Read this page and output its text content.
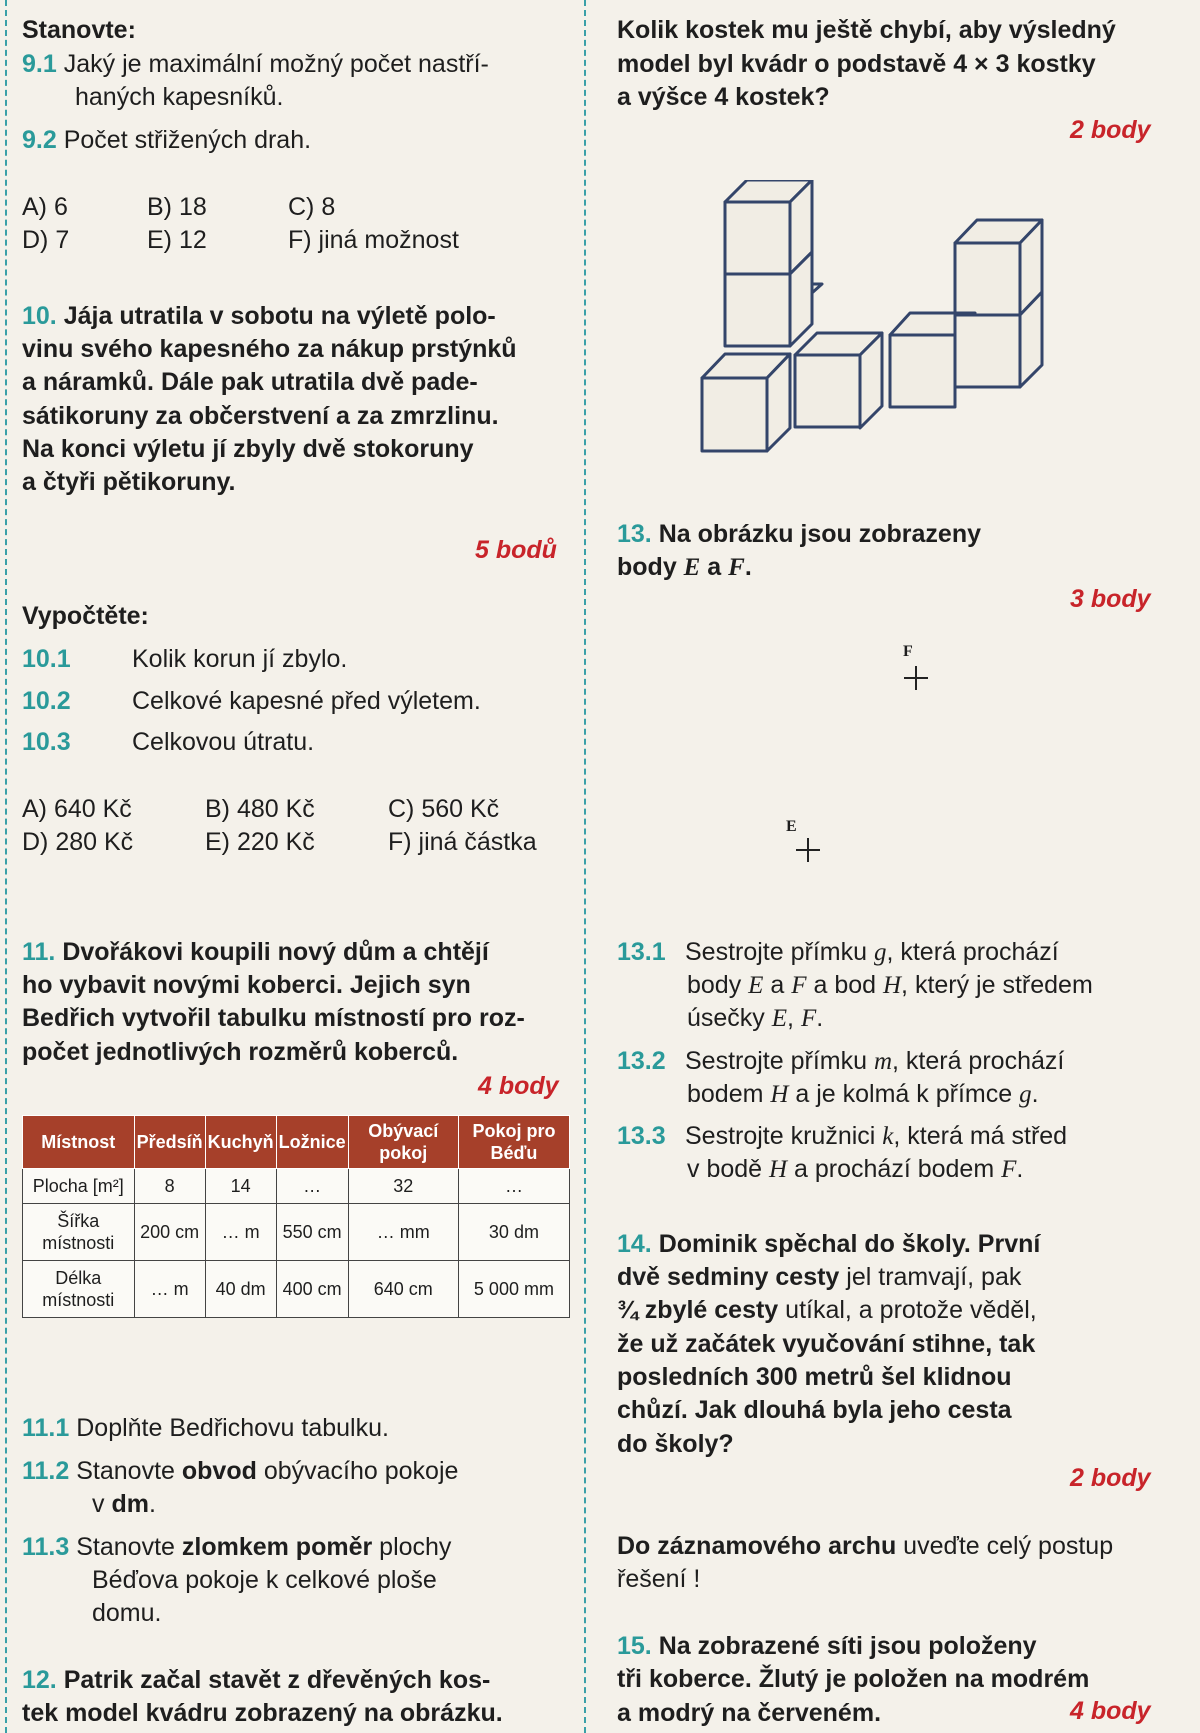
Stanovte:
9.1 Jaký je maximální možný počet nastří-
haných kapesníků.
9.2 Počet střižených drah.
A) 6	B) 18	C) 8
D) 7	E) 12	F) jiná možnost
10. Jája utratila v sobotu na výletě polo-
vinu svého kapesného za nákup prstýnků
a náramků. Dále pak utratila dvě pade-
sátikoruny za občerstvení a za zmrzlinu.
Na konci výletu jí zbyly dvě stokoruny
a čtyři pětikoruny.
5 bodů
Vypočtěte:
10.1 Kolik korun jí zbylo.
10.2 Celkové kapesné před výletem.
10.3 Celkovou útratu.
A) 640 Kč	B) 480 Kč	C) 560 Kč
D) 280 Kč	E) 220 Kč	F) jiná částka
11. Dvořákovi koupili nový dům a chtějí
ho vybavit novými koberci. Jejich syn
Bedřich vytvořil tabulku místností pro roz-
počet jednotlivých rozměrů koberců.
4 body
Místnost	Předsíň	Kuchyň	Ložnice	Obývací pokoj	Pokoj pro Béďu
Plocha [m²]	8	14	…	32	…
Šířka místnosti	200 cm	… m	550 cm	… mm	30 dm
Délka místnosti	… m	40 dm	400 cm	640 cm	5 000 mm
11.1 Doplňte Bedřichovu tabulku.
11.2 Stanovte obvod obývacího pokoje
v dm.
11.3 Stanovte zlomkem poměr plochy
Béďova pokoje k celkové ploše
domu.
12. Patrik začal stavět z dřevěných kos-
tek model kvádru zobrazený na obrázku.
Kolik kostek mu ještě chybí, aby výsledný
model byl kvádr o podstavě 4 × 3 kostky
a výšce 4 kostek?
2 body
13. Na obrázku jsou zobrazeny
body E a F.
3 body
F
E
13.1 Sestrojte přímku g, která prochází
body E a F a bod H, který je středem
úsečky E, F.
13.2 Sestrojte přímku m, která prochází
bodem H a je kolmá k přímce g.
13.3 Sestrojte kružnici k, která má střed
v bodě H a prochází bodem F.
14. Dominik spěchal do školy. První
dvě sedminy cesty jel tramvají, pak
¾ zbylé cesty utíkal, a protože věděl,
že už začátek vyučování stihne, tak
posledních 300 metrů šel klidnou
chůzí. Jak dlouhá byla jeho cesta
do školy?
2 body
Do záznamového archu uveďte celý postup
řešení !
15. Na zobrazené síti jsou položeny
tři koberce. Žlutý je položen na modrém
a modrý na červeném.	4 body
